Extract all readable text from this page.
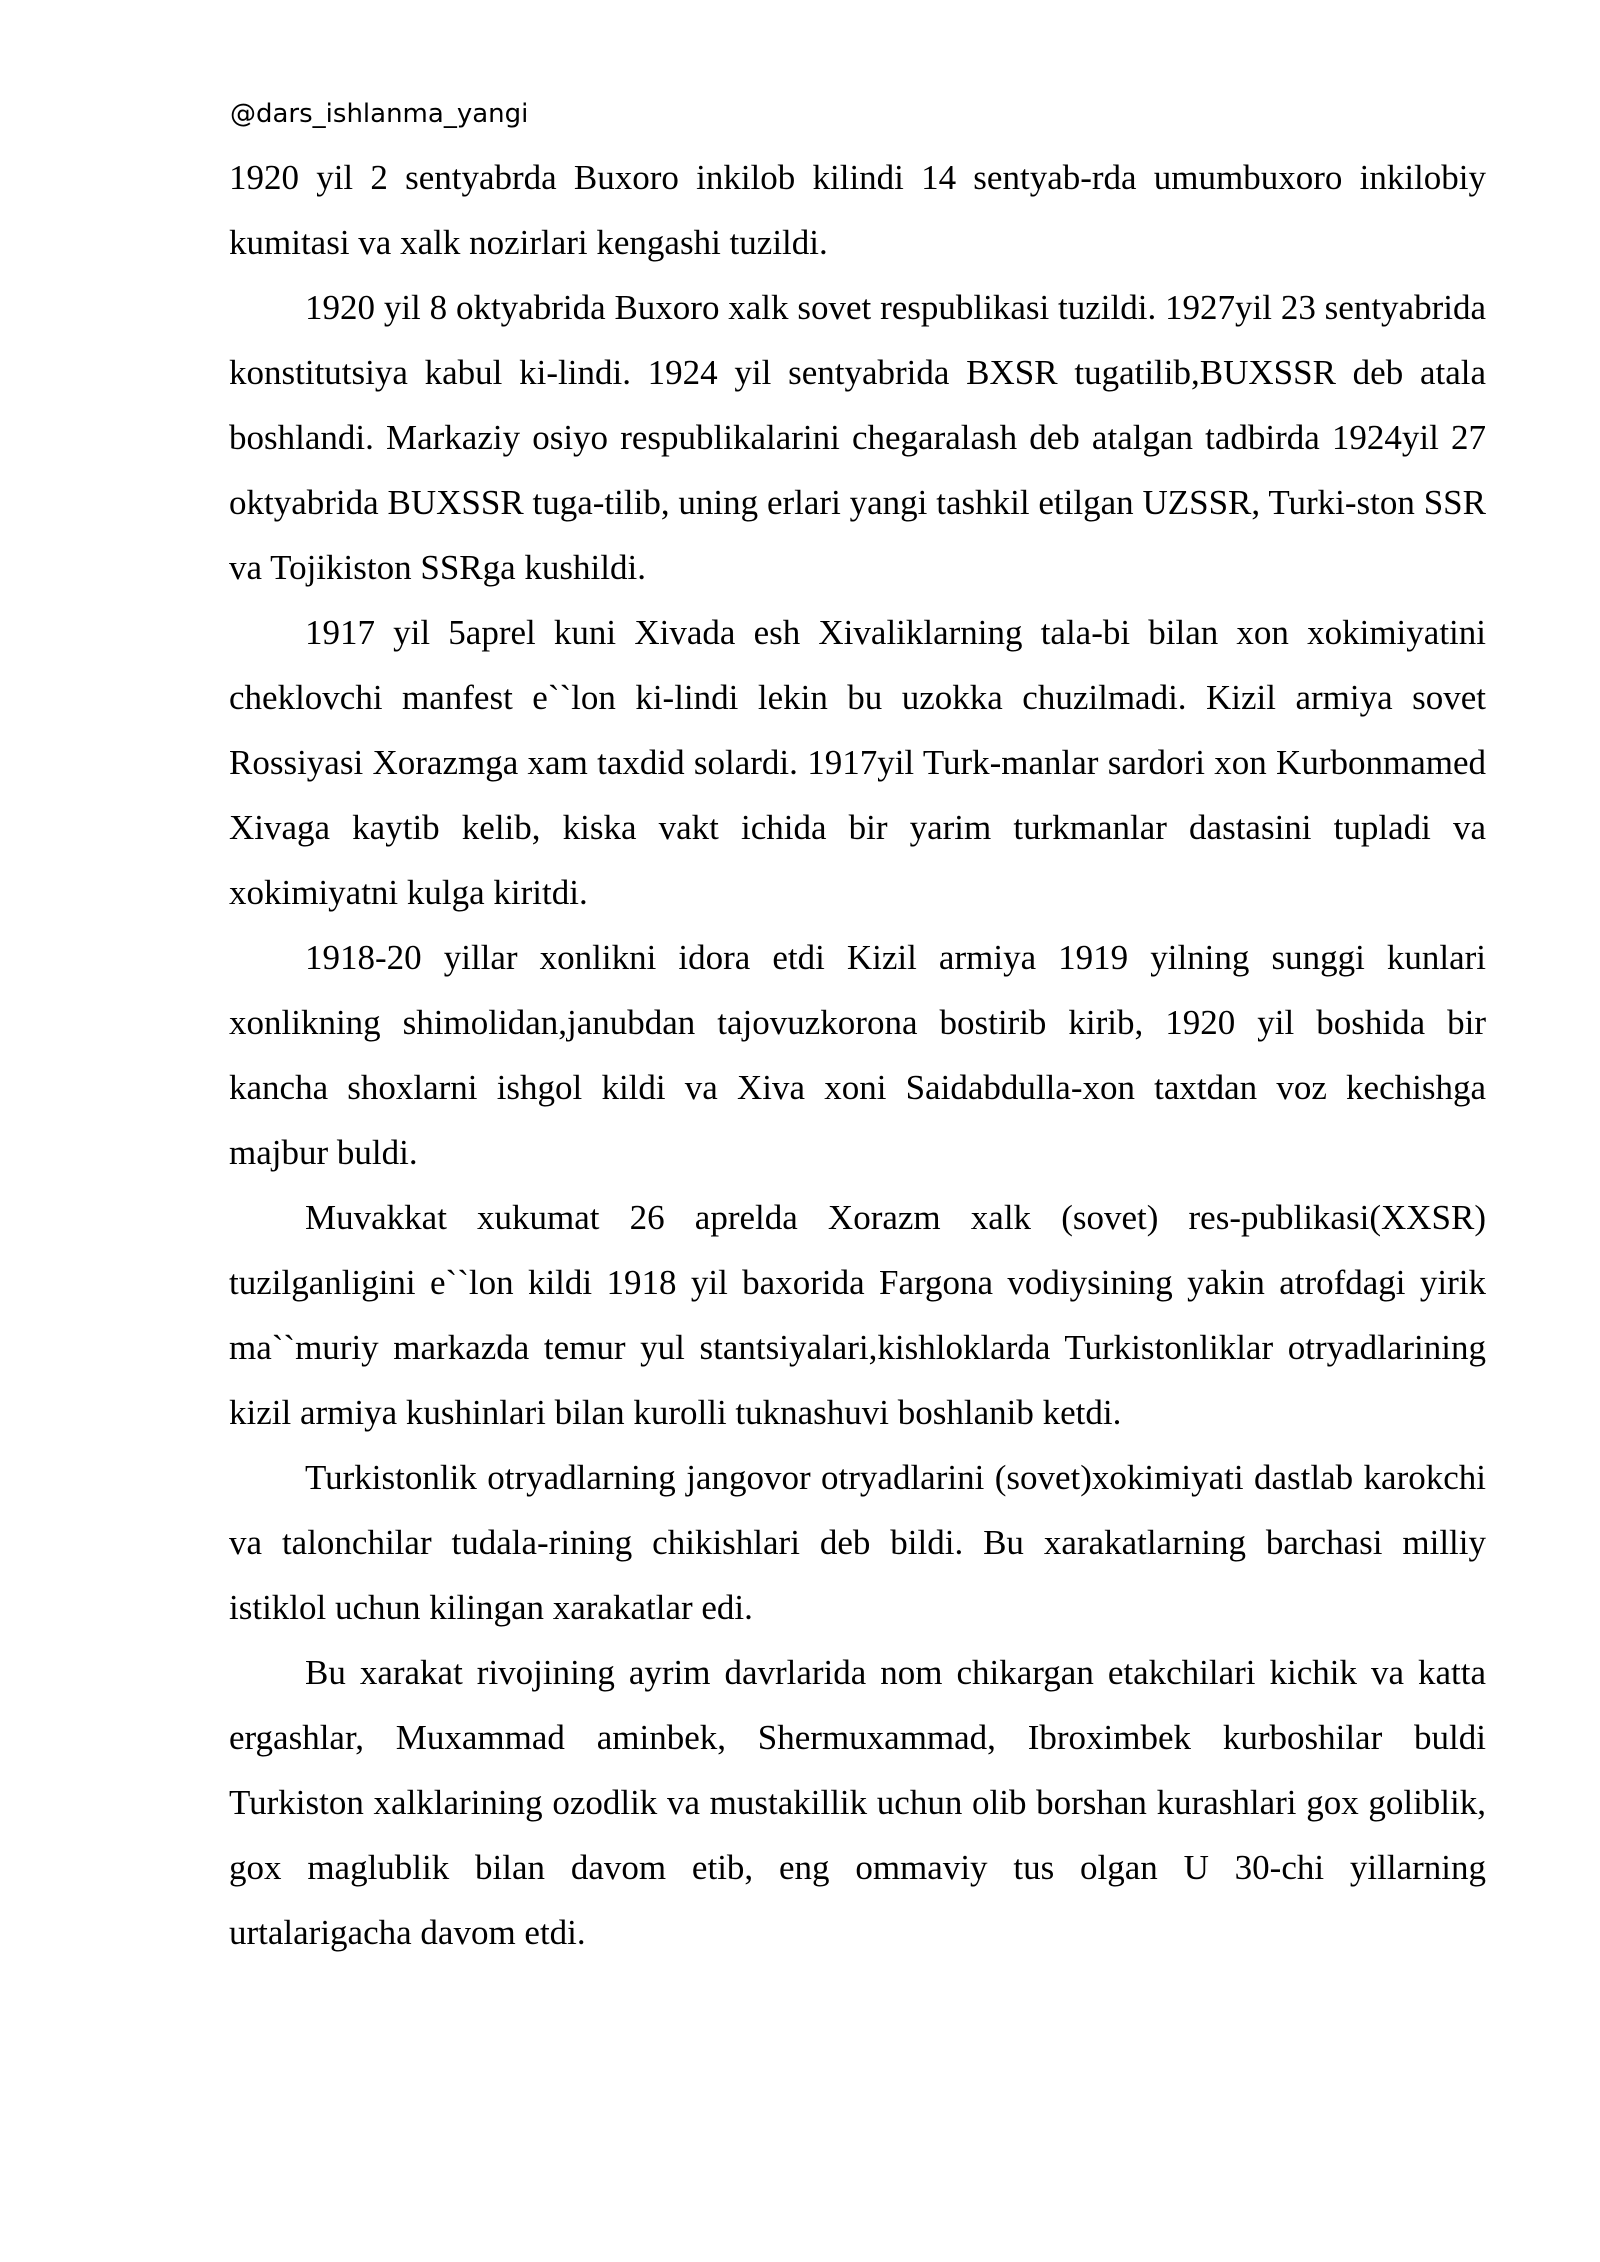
@dars_ishlanma_yangi

1920 yil 2 sentyabrda Buxoro inkilob kilindi 14 sentyab-rda umumbuxoro inkilobiy kumitasi va xalk nozirlari kengashi tuzildi.

1920 yil 8 oktyabrida Buxoro xalk sovet respublikasi tuzildi. 1927yil 23 sentyabrida konstitutsiya kabul ki-lindi. 1924 yil sentyabrida BXSR tugatilib,BUXSSR deb atala boshlandi. Markaziy osiyo respublikalarini chegaralash deb atalgan tadbirda 1924yil 27 oktyabrida BUXSSR tuga-tilib, uning erlari yangi tashkil etilgan UZSSR, Turki-ston SSR va Tojikiston SSRga kushildi.

1917 yil 5aprel kuni Xivada esh Xivaliklarning tala-bi bilan xon xokimiyatini cheklovchi manfest e``lon ki-lindi lekin bu uzokka chuzilmadi. Kizil armiya sovet Rossiyasi Xorazmga xam taxdid solardi. 1917yil Turk-manlar sardori xon Kurbonmamed Xivaga kaytib kelib, kiska vakt ichida bir yarim turkmanlar dastasini tupladi va xokimiyatni kulga kiritdi.

1918-20 yillar xonlikni idora etdi Kizil armiya 1919 yilning sunggi kunlari xonlikning shimolidan,janubdan tajovuzkorona bostirib kirib, 1920 yil boshida bir kancha shoxlarni ishgol kildi va Xiva xoni Saidabdulla-xon taxtdan voz kechishga majbur buldi.

Muvakkat xukumat 26 aprelda Xorazm xalk (sovet) res-publikasi(XXSR) tuzilganligini e``lon kildi 1918 yil baxorida Fargona vodiysining yakin atrofdagi yirik ma``muriy markazda temur yul stantsiyalari,kishloklarda Turkistonliklar otryadlarining kizil armiya kushinlari bilan kurolli tuknashuvi boshlanib ketdi.

Turkistonlik otryadlarning jangovor otryadlarini (sovet)xokimiyati dastlab karokchi va talonchilar tudala-rining chikishlari deb bildi. Bu xarakatlarning barchasi milliy istiklol uchun kilingan xarakatlar edi.

Bu xarakat rivojining ayrim davrlarida nom chikargan etakchilari kichik va katta ergashlar, Muxammad aminbek, Shermuxammad, Ibroximbek kurboshilar buldi Turkiston xalklarining ozodlik va mustakillik uchun olib borshan kurashlari gox goliblik, gox maglublik bilan davom etib, eng ommaviy tus olgan U 30-chi yillarning urtalarigacha davom etdi.
